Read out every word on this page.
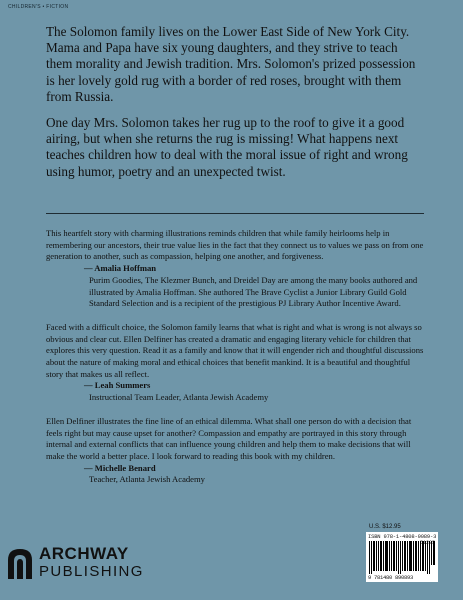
CHILDREN'S • FICTION

The Solomon family lives on the Lower East Side of New York City. Mama and Papa have six young daughters, and they strive to teach them morality and Jewish tradition. Mrs. Solomon's prized possession is her lovely gold rug with a border of red roses, brought with them from Russia.

One day Mrs. Solomon takes her rug up to the roof to give it a good airing, but when she returns the rug is missing! What happens next teaches children how to deal with the moral issue of right and wrong using humor, poetry and an unexpected twist.

This heartfelt story with charming illustrations reminds children that while family heirlooms help in remembering our ancestors, their true value lies in the fact that they connect us to values we pass on from one generation to another, such as compassion, helping one another, and forgiveness.

— Amalia Hoffman
Purim Goodies, The Klezmer Bunch, and Dreidel Day are among the many books authored and illustrated by Amalia Hoffman. She authored The Brave Cyclist a Junior Library Guild Gold Standard Selection and is a recipient of the prestigious PJ Library Author Incentive Award.

Faced with a difficult choice, the Solomon family learns that what is right and what is wrong is not always so obvious and clear cut. Ellen Delfiner has created a dramatic and engaging literary vehicle for children that explores this very question. Read it as a family and know that it will engender rich and thoughtful discussions about the nature of making moral and ethical choices that benefit mankind. It is a beautiful and thoughtful story that makes us all reflect.

— Leah Summers
Instructional Team Leader, Atlanta Jewish Academy

Ellen Delfiner illustrates the fine line of an ethical dilemma. What shall one person do with a decision that feels right but may cause upset for another? Compassion and empathy are portrayed in this story through internal and external conflicts that can influence young children and help them to make decisions that will make the world a better place. I look forward to reading this book with my children.

— Michelle Benard
Teacher, Atlanta Jewish Academy
U.S. $12.95
ISBN 978-1-4808-9089-3
9 781480 890893
ARCHWAY
PUBLISHING
